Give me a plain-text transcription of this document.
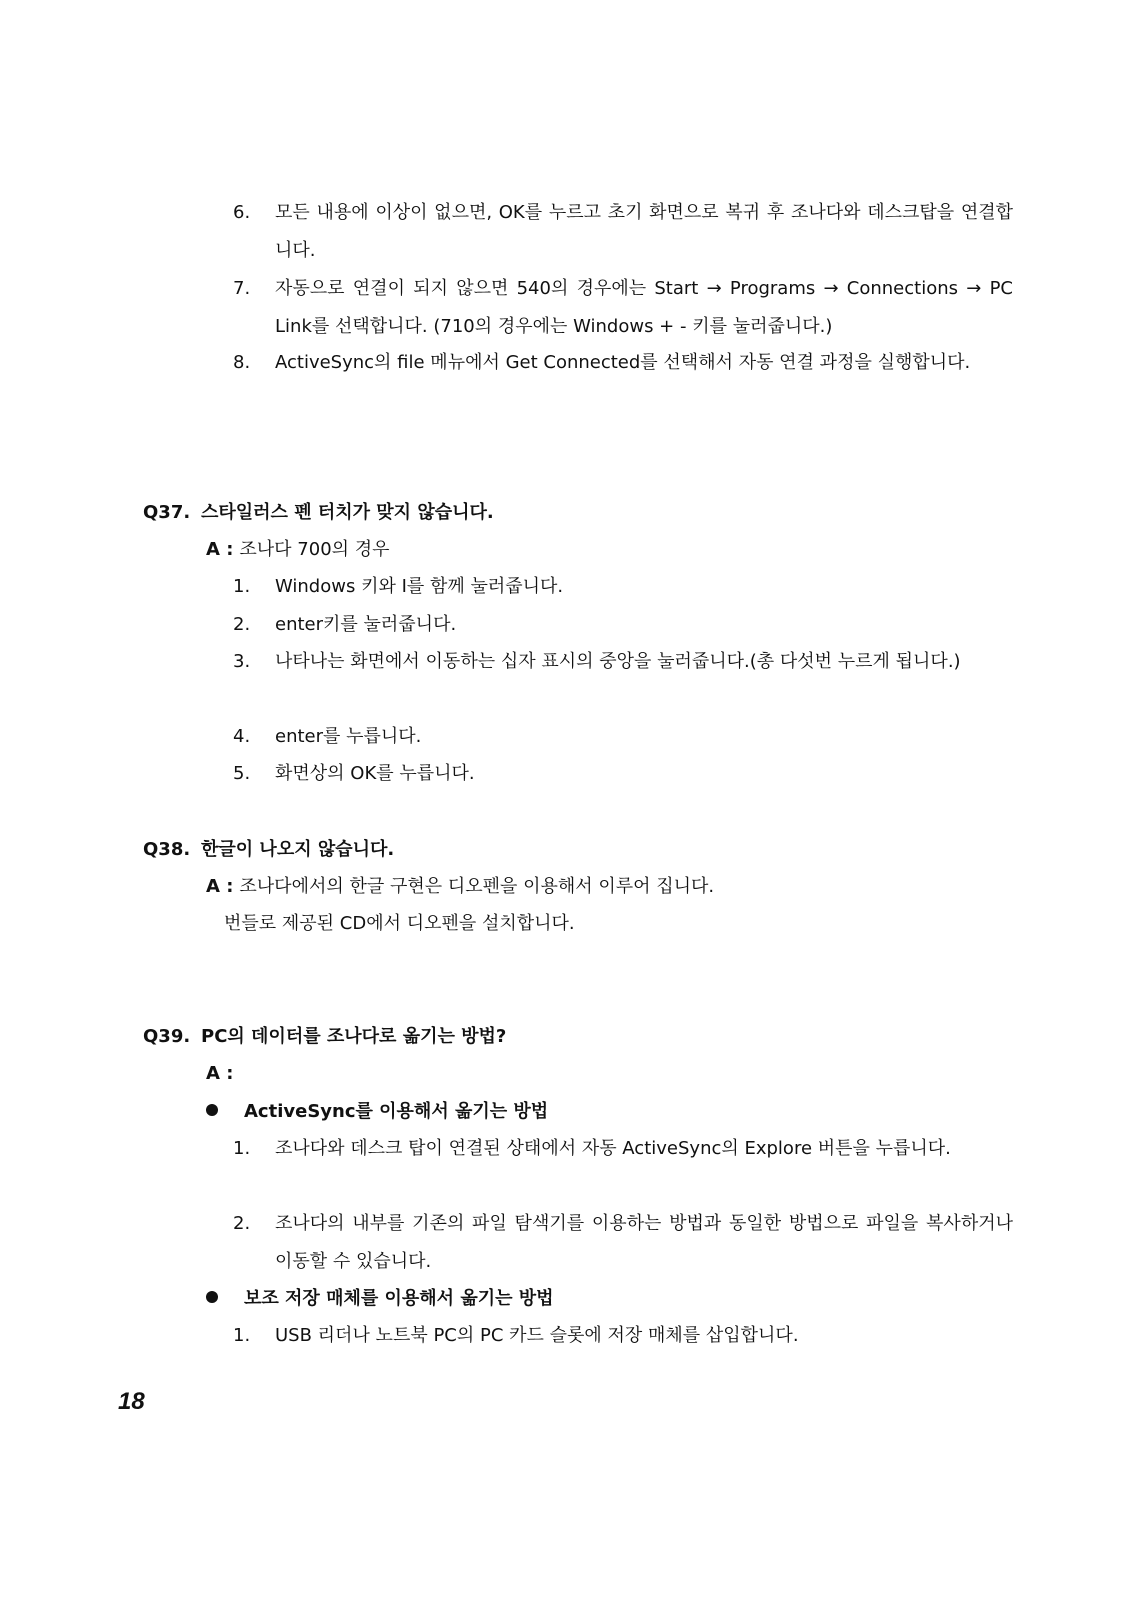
6.	모든 내용에 이상이 없으면, OK를 누르고 초기 화면으로 복귀 후 조나다와 데스크탑을 연결합니다.
7.	자동으로 연결이 되지 않으면 540의 경우에는 Start → Programs → Connections → PC Link를 선택합니다. (710의 경우에는 Windows + - 키를 눌러줍니다.)
8.	ActiveSync의 file 메뉴에서 Get Connected를 선택해서 자동 연결 과정을 실행합니다.
Q37. 스타일러스 펜 터치가 맞지 않습니다.
A : 조나다 700의 경우
1.	Windows 키와 I를 함께 눌러줍니다.
2.	enter키를 눌러줍니다.
3.	나타나는 화면에서 이동하는 십자 표시의 중앙을 눌러줍니다.(총 다섯번 누르게 됩니다.)
4.	enter를 누릅니다.
5.	화면상의 OK를 누릅니다.
Q38. 한글이 나오지 않습니다.
A : 조나다에서의 한글 구현은 디오펜을 이용해서 이루어 집니다.
번들로 제공된 CD에서 디오펜을 설치합니다.
Q39. PC의 데이터를 조나다로 옮기는 방법?
A :
ActiveSync를 이용해서 옮기는 방법
1.	조나다와 데스크 탑이 연결된 상태에서 자동 ActiveSync의 Explore 버튼을 누릅니다.
2.	조나다의 내부를 기존의 파일 탐색기를 이용하는 방법과 동일한 방법으로 파일을 복사하거나 이동할 수 있습니다.
보조 저장 매체를 이용해서 옮기는 방법
1.	USB 리더나 노트북 PC의 PC 카드 슬롯에 저장 매체를 삽입합니다.
18
